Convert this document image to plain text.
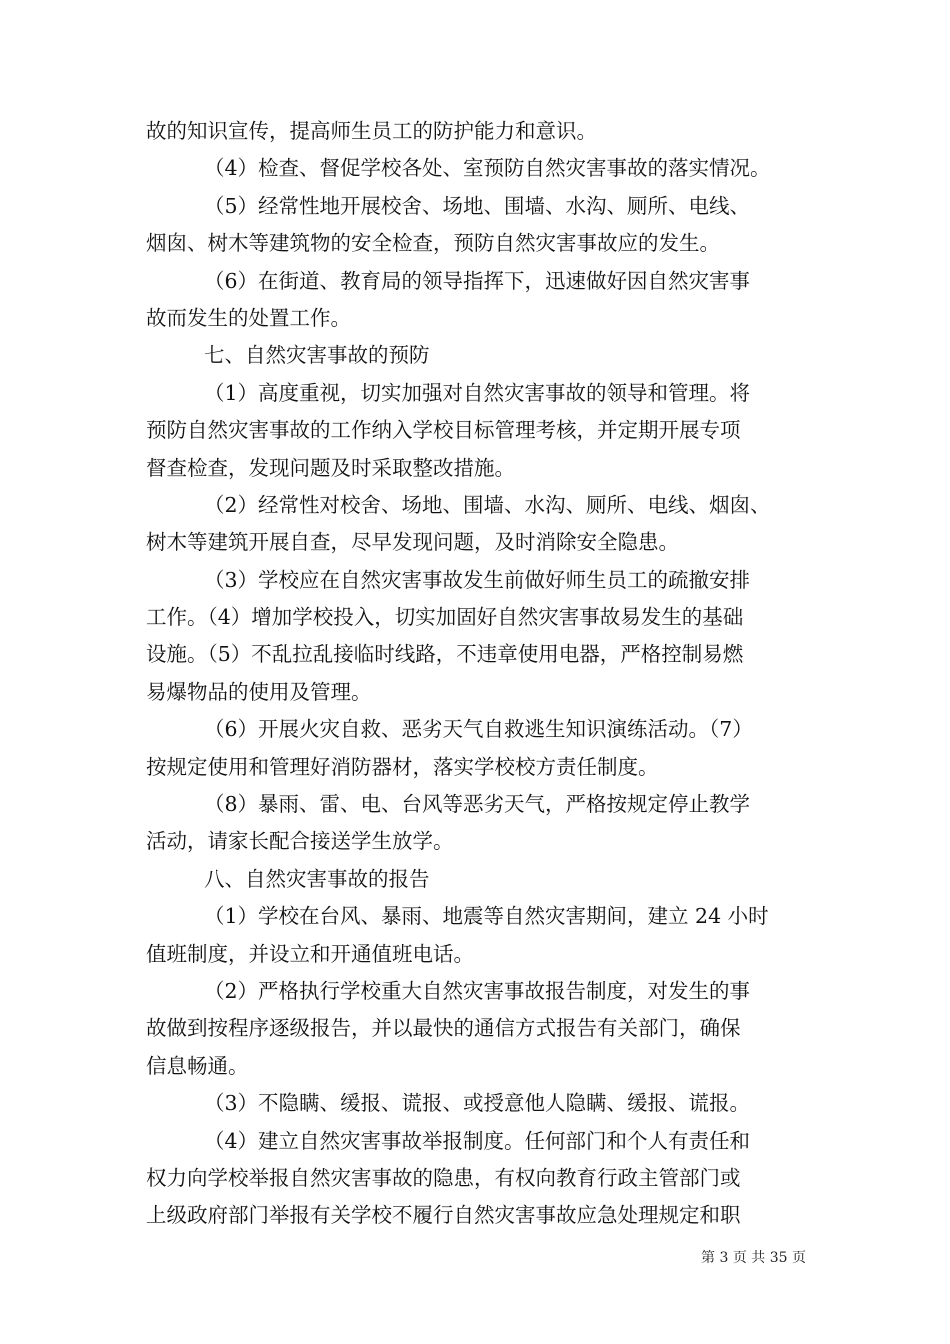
故的知识宣传，提高师生员工的防护能力和意识。
（4）检查、督促学校各处、室预防自然灾害事故的落实情况。
（5）经常性地开展校舍、场地、围墙、水沟、厕所、电线、
烟囱、树木等建筑物的安全检查，预防自然灾害事故应的发生。
（6）在街道、教育局的领导指挥下，迅速做好因自然灾害事
故而发生的处置工作。
七、自然灾害事故的预防
（1）高度重视，切实加强对自然灾害事故的领导和管理。将
预防自然灾害事故的工作纳入学校目标管理考核，并定期开展专项
督查检查，发现问题及时采取整改措施。
（2）经常性对校舍、场地、围墙、水沟、厕所、电线、烟囱、
树木等建筑开展自查，尽早发现问题，及时消除安全隐患。
（3）学校应在自然灾害事故发生前做好师生员工的疏撤安排
工作。（4）增加学校投入，切实加固好自然灾害事故易发生的基础
设施。（5）不乱拉乱接临时线路，不违章使用电器，严格控制易燃
易爆物品的使用及管理。
（6）开展火灾自救、恶劣天气自救逃生知识演练活动。（7）
按规定使用和管理好消防器材，落实学校校方责任制度。
（8）暴雨、雷、电、台风等恶劣天气，严格按规定停止教学
活动，请家长配合接送学生放学。
八、自然灾害事故的报告
（1）学校在台风、暴雨、地震等自然灾害期间，建立 24 小时
值班制度，并设立和开通值班电话。
（2）严格执行学校重大自然灾害事故报告制度，对发生的事
故做到按程序逐级报告，并以最快的通信方式报告有关部门，确保
信息畅通。
（3）不隐瞒、缓报、谎报、或授意他人隐瞒、缓报、谎报。
（4）建立自然灾害事故举报制度。任何部门和个人有责任和
权力向学校举报自然灾害事故的隐患，有权向教育行政主管部门或
上级政府部门举报有关学校不履行自然灾害事故应急处理规定和职
第 3 页 共 35 页
